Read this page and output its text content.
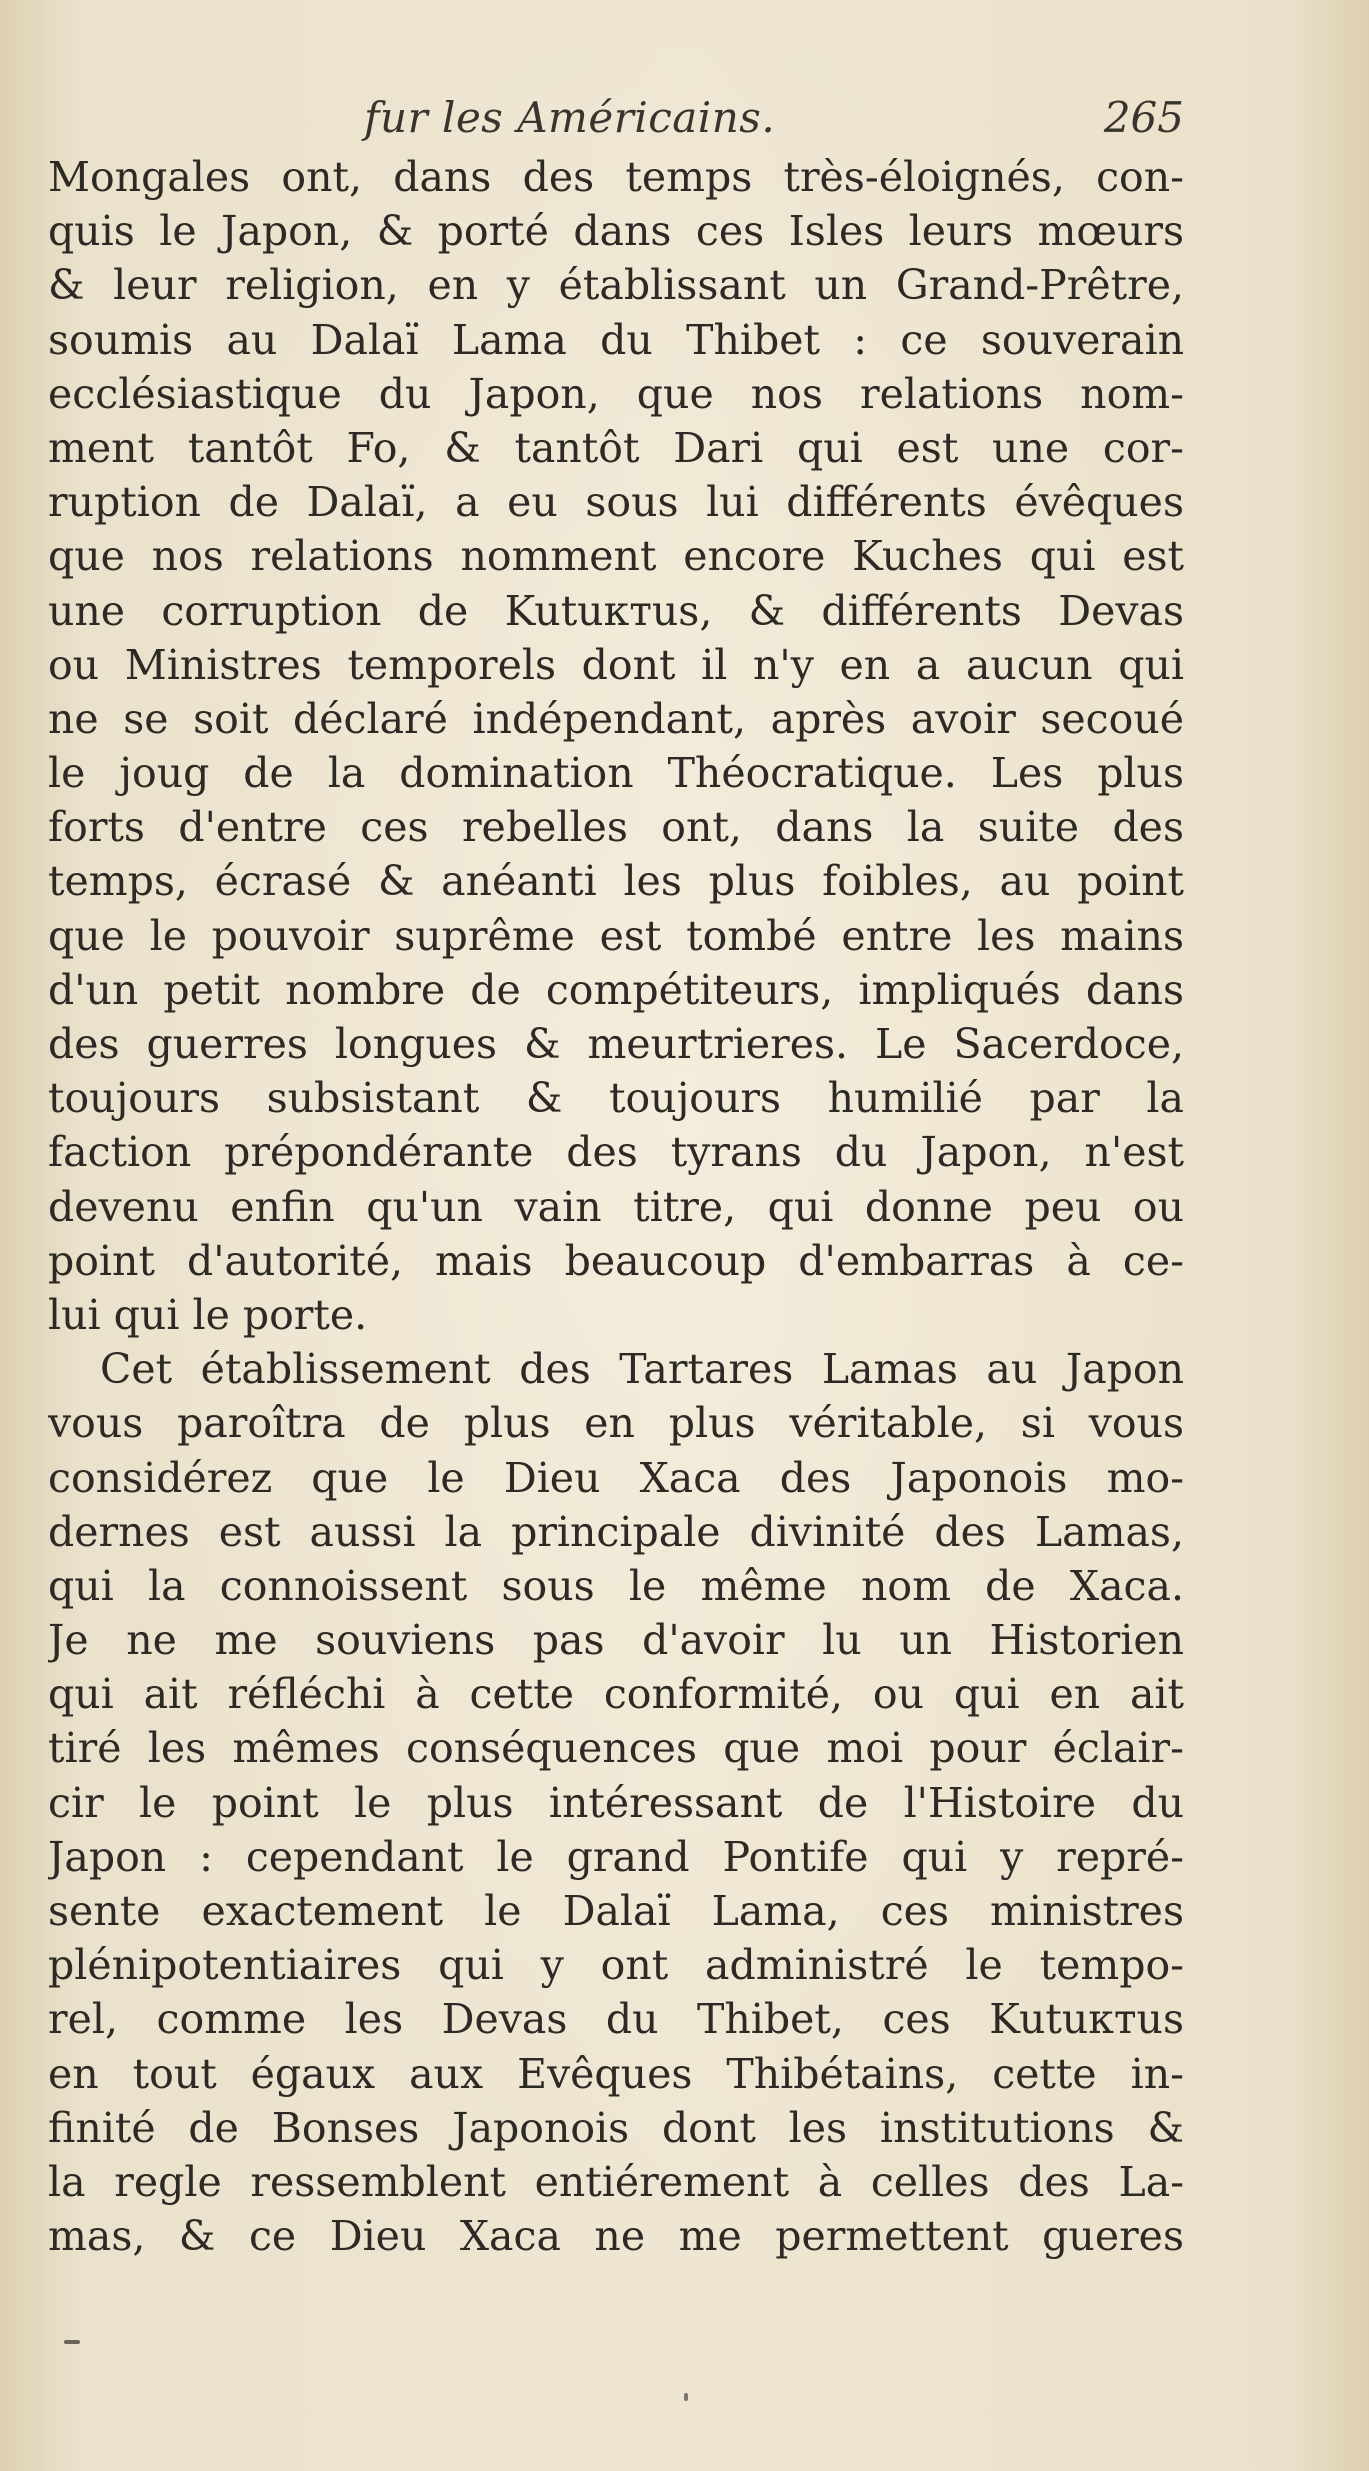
fur les Américains.	265
Mongales ont, dans des temps très-éloignés, con-
quis le Japon, & porté dans ces Isles leurs mœurs
& leur religion, en y établissant un Grand-Prêtre,
soumis au Dalaï Lama du Thibet : ce souverain
ecclésiastique du Japon, que nos relations nom-
ment tantôt Fo, & tantôt Dari qui est une cor-
ruption de Dalaï, a eu sous lui différents évêques
que nos relations nomment encore Kuches qui est
une corruption de Kutuктus, & différents Devas
ou Ministres temporels dont il n'y en a aucun qui
ne se soit déclaré indépendant, après avoir secoué
le joug de la domination Théocratique. Les plus
forts d'entre ces rebelles ont, dans la suite des
temps, écrasé & anéanti les plus foibles, au point
que le pouvoir suprême est tombé entre les mains
d'un petit nombre de compétiteurs, impliqués dans
des guerres longues & meurtrieres. Le Sacerdoce,
toujours subsistant & toujours humilié par la
faction prépondérante des tyrans du Japon, n'est
devenu enfin qu'un vain titre, qui donne peu ou
point d'autorité, mais beaucoup d'embarras à ce-
lui qui le porte.
Cet établissement des Tartares Lamas au Japon
vous paroîtra de plus en plus véritable, si vous
considérez que le Dieu Xaca des Japonois mo-
dernes est aussi la principale divinité des Lamas,
qui la connoissent sous le même nom de Xaca.
Je ne me souviens pas d'avoir lu un Historien
qui ait réfléchi à cette conformité, ou qui en ait
tiré les mêmes conséquences que moi pour éclair-
cir le point le plus intéressant de l'Histoire du
Japon : cependant le grand Pontife qui y repré-
sente exactement le Dalaï Lama, ces ministres
plénipotentiaires qui y ont administré le tempo-
rel, comme les Devas du Thibet, ces Kutuктus
en tout égaux aux Evêques Thibétains, cette in-
finité de Bonses Japonois dont les institutions &
la regle ressemblent entiérement à celles des La-
mas, & ce Dieu Xaca ne me permettent gueres
